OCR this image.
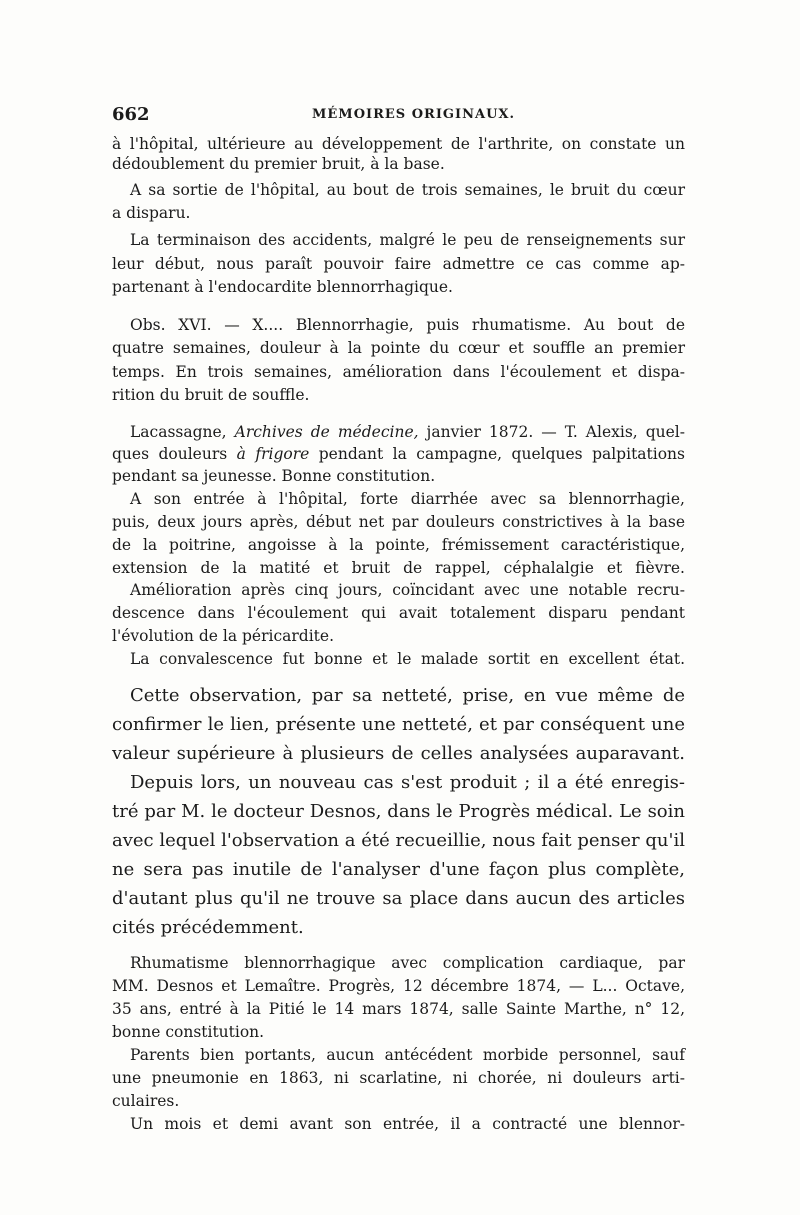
662	MÉMOIRES ORIGINAUX.
à l'hôpital, ultérieure au développement de l'arthrite, on constate un
dédoublement du premier bruit, à la base.
A sa sortie de l'hôpital, au bout de trois semaines, le bruit du cœur
a disparu.
La terminaison des accidents, malgré le peu de renseignements sur
leur début, nous paraît pouvoir faire admettre ce cas comme ap-
partenant à l'endocardite blennorrhagique.
Obs. XVI. — X.... Blennorrhagie, puis rhumatisme. Au bout de
quatre semaines, douleur à la pointe du cœur et souffle an premier
temps. En trois semaines, amélioration dans l'écoulement et dispa-
rition du bruit de souffle.
Lacassagne, Archives de médecine, janvier 1872. — T. Alexis, quel-
ques douleurs à frigore pendant la campagne, quelques palpitations
pendant sa jeunesse. Bonne constitution.
A son entrée à l'hôpital, forte diarrhée avec sa blennorrhagie,
puis, deux jours après, début net par douleurs constrictives à la base
de la poitrine, angoisse à la pointe, frémissement caractéristique,
extension de la matité et bruit de rappel, céphalalgie et fièvre.
Amélioration après cinq jours, coïncidant avec une notable recru-
descence dans l'écoulement qui avait totalement disparu pendant
l'évolution de la péricardite.
La convalescence fut bonne et le malade sortit en excellent état.
Cette observation, par sa netteté, prise, en vue même de
confirmer le lien, présente une netteté, et par conséquent une
valeur supérieure à plusieurs de celles analysées auparavant.
Depuis lors, un nouveau cas s'est produit ; il a été enregis-
tré par M. le docteur Desnos, dans le Progrès médical. Le soin
avec lequel l'observation a été recueillie, nous fait penser qu'il
ne sera pas inutile de l'analyser d'une façon plus complète,
d'autant plus qu'il ne trouve sa place dans aucun des articles
cités précédemment.
Rhumatisme blennorrhagique avec complication cardiaque, par
MM. Desnos et Lemaître. Progrès, 12 décembre 1874, — L... Octave,
35 ans, entré à la Pitié le 14 mars 1874, salle Sainte Marthe, n° 12,
bonne constitution.
Parents bien portants, aucun antécédent morbide personnel, sauf
une pneumonie en 1863, ni scarlatine, ni chorée, ni douleurs arti-
culaires.
Un mois et demi avant son entrée, il a contracté une blennor-
